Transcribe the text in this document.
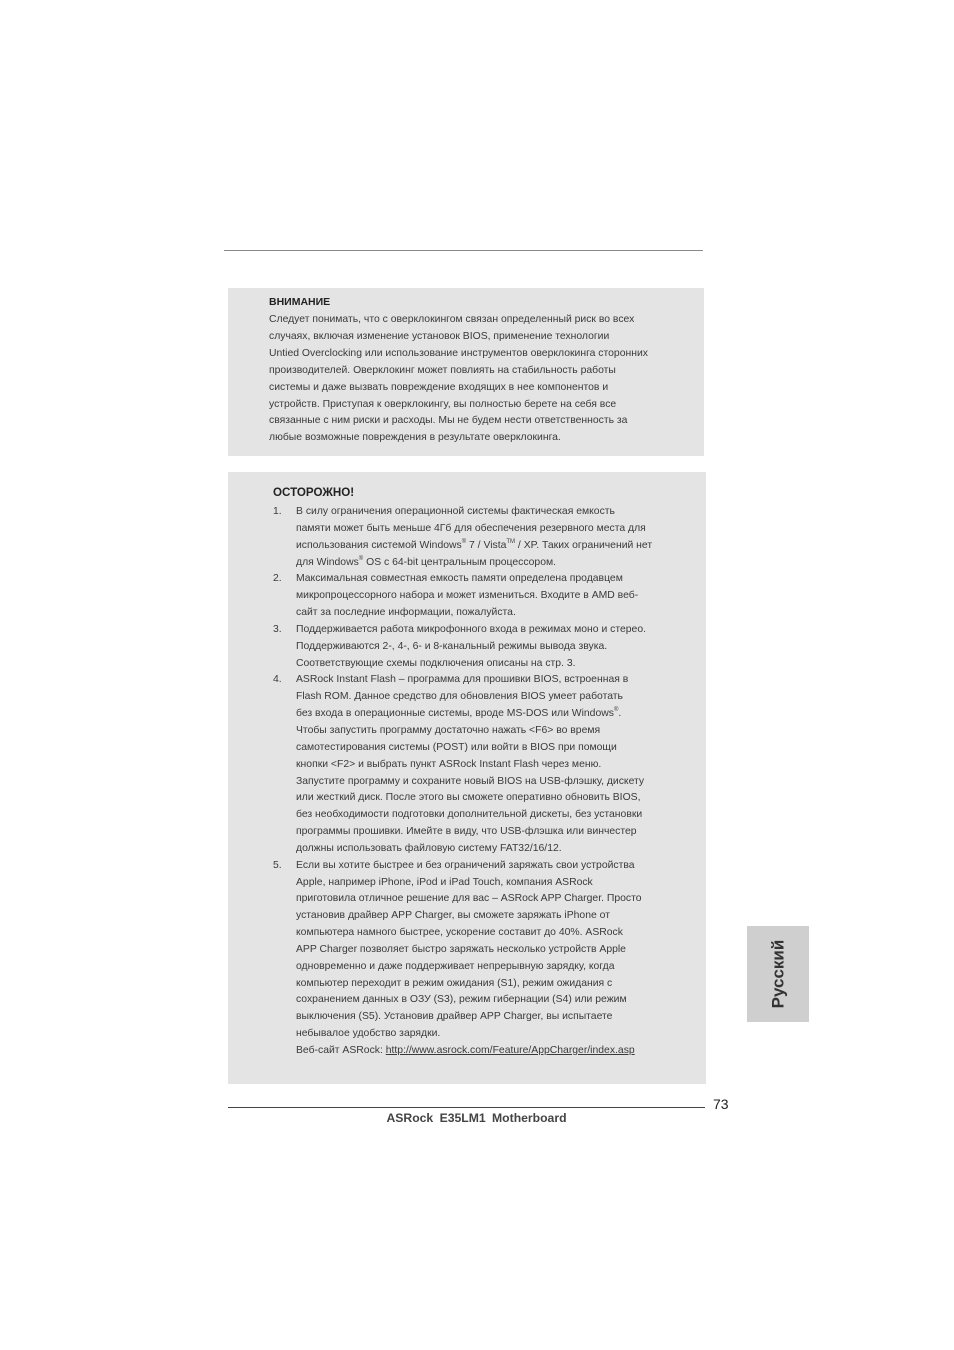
ВНИМАНИЕ
Следует понимать, что с оверклокингом связан определенный риск во всех
случаях, включая изменение установок BIOS, применение технологии
Untied Overclocking или использование инструментов оверклокинга сторонних
производителей. Оверклокинг может повлиять на стабильность работы
системы и даже вызвать повреждение входящих в нее компонентов и
устройств. Приступая к оверклокингу, вы полностью берете на себя все
связанные с ним риски и расходы. Мы не будем нести ответственность за
любые возможные повреждения в результате оверклокинга.
ОСТОРОЖНО!
1. В силу ограничения операционной системы фактическая емкость
памяти может быть меньше 4Гб для обеспечения резервного места для
использования системой Windows® 7 / Vista™ / XP. Таких ограничений нет
для Windows® OS с 64-bit центральным процессором.
2. Максимальная совместная емкость памяти определена продавцем
микропроцессорного набора и может измениться. Входите в AMD веб-
сайт за последние информации, пожалуйста.
3. Поддерживается работа микрофонного входа в режимах моно и стерео.
Поддерживаются 2-, 4-, 6- и 8-канальный режимы вывода звука.
Соответствующие схемы подключения описаны на стр. 3.
4. ASRock Instant Flash – программа для прошивки BIOS, встроенная в
Flash ROM. Данное средство для обновления BIOS умеет работать
без входа в операционные системы, вроде MS-DOS или Windows®.
Чтобы запустить программу достаточно нажать <F6> во время
самотестирования системы (POST) или войти в BIOS при помощи
кнопки <F2> и выбрать пункт ASRock Instant Flash через меню.
Запустите программу и сохраните новый BIOS на USB-флэшку, дискету
или жесткий диск. После этого вы сможете оперативно обновить BIOS,
без необходимости подготовки дополнительной дискеты, без установки
программы прошивки. Имейте в виду, что USB-флэшка или винчестер
должны использовать файловую систему FAT32/16/12.
5. Если вы хотите быстрее и без ограничений заряжать свои устройства
Apple, например iPhone, iPod и iPad Touch, компания ASRock
приготовила отличное решение для вас – ASRock APP Charger. Просто
установив драйвер APP Charger, вы сможете заряжать iPhone от
компьютера намного быстрее, ускорение составит до 40%. ASRock
APP Charger позволяет быстро заряжать несколько устройств Apple
одновременно и даже поддерживает непрерывную зарядку, когда
компьютер переходит в режим ожидания (S1), режим ожидания с
сохранением данных в ОЗУ (S3), режим гибернации (S4) или режим
выключения (S5). Установив драйвер APP Charger, вы испытаете
небывалое удобство зарядки.
Веб-сайт ASRock: http://www.asrock.com/Feature/AppCharger/index.asp
Русский
73
ASRock E35LM1 Motherboard
